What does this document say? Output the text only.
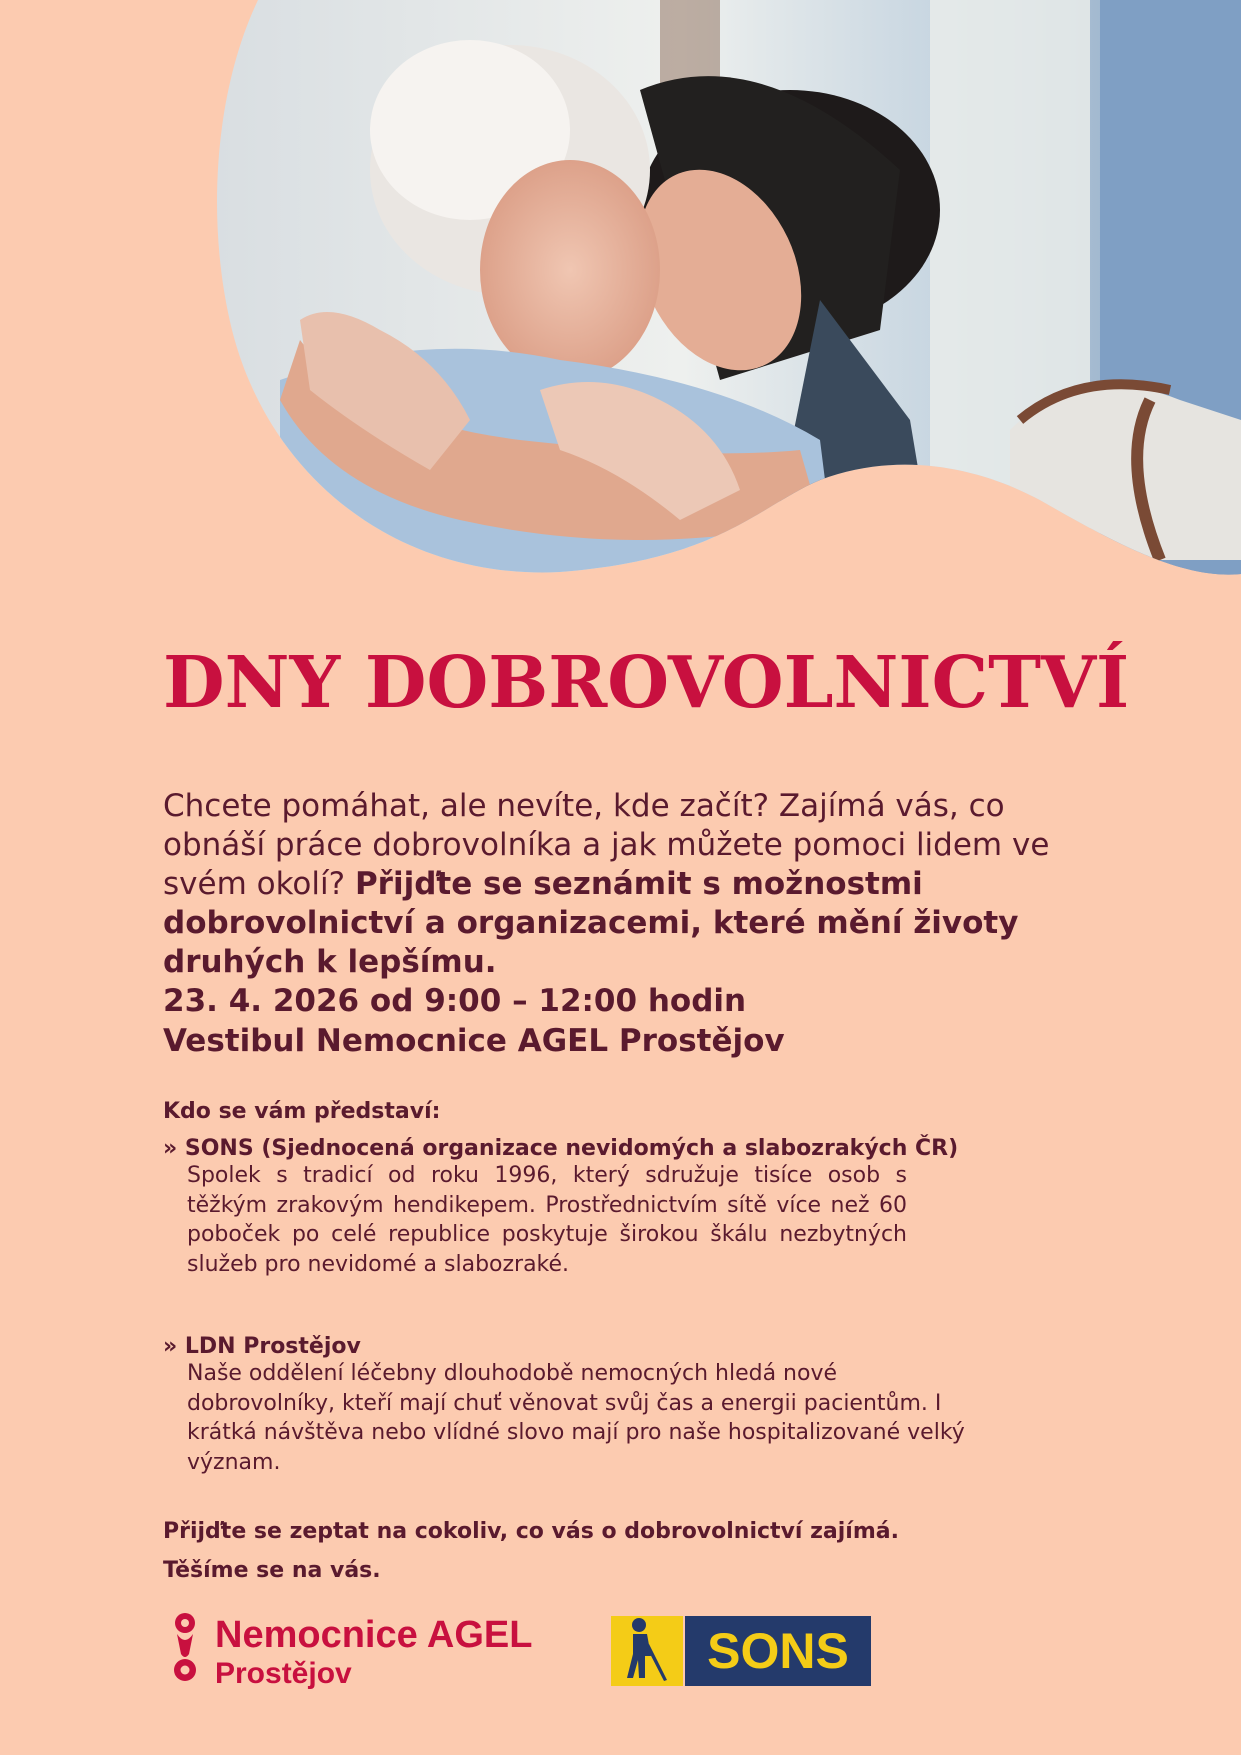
DNY DOBROVOLNICTVÍ

Chcete pomáhat, ale nevíte, kde začít? Zajímá vás, co obnáší práce dobrovolníka a jak můžete pomoci lidem ve svém okolí? Přijďte se seznámit s možnostmi dobrovolnictví a organizacemi, které mění životy druhých k lepšímu.

23. 4. 2026 od 9:00 – 12:00 hodin
Vestibul Nemocnice AGEL Prostějov
Kdo se vám představí:
» SONS (Sjednocená organizace nevidomých a slabozrakých ČR)
Spolek s tradicí od roku 1996, který sdružuje tisíce osob s těžkým zrakovým hendikepem. Prostřednictvím sítě více než 60 poboček po celé republice poskytuje širokou škálu nezbytných služeb pro nevidomé a slabozraké.
» LDN Prostějov
Naše oddělení léčebny dlouhodobě nemocných hledá nové dobrovolníky, kteří mají chuť věnovat svůj čas a energii pacientům. I krátká návštěva nebo vlídné slovo mají pro naše hospitalizované velký význam.
Přijďte se zeptat na cokoliv, co vás o dobrovolnictví zajímá.
Těšíme se na vás.
Nemocnice AGEL
Prostějov	SONS
